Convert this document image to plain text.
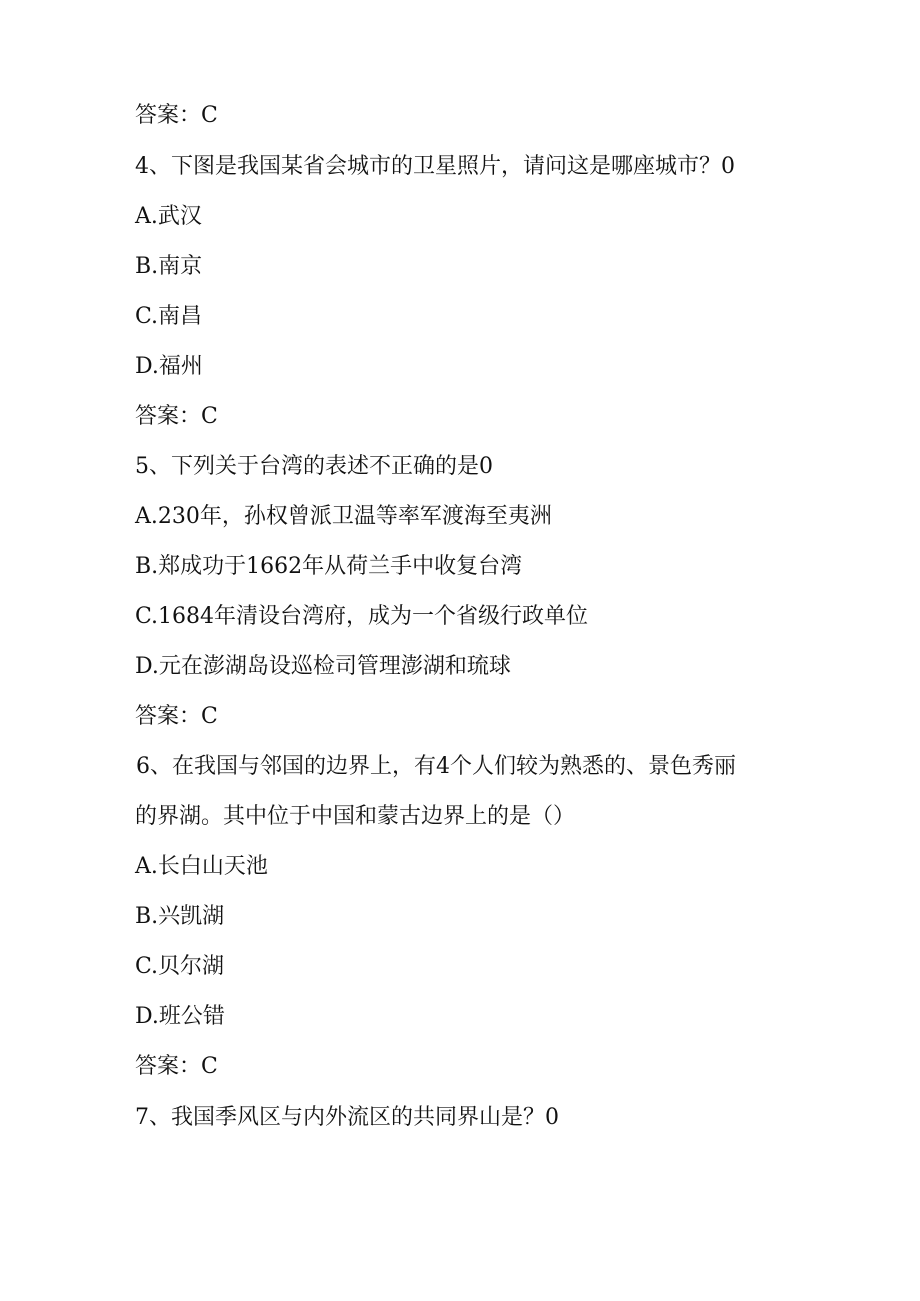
答案：C
4、下图是我国某省会城市的卫星照片，请问这是哪座城市？0
A.武汉
B.南京
C.南昌
D.福州
答案：C
5、下列关于台湾的表述不正确的是0
A.230年，孙权曾派卫温等率军渡海至夷洲
B.郑成功于1662年从荷兰手中收复台湾
C.1684年清设台湾府，成为一个省级行政单位
D.元在澎湖岛设巡检司管理澎湖和琉球
答案：C
6、在我国与邻国的边界上，有4个人们较为熟悉的、景色秀丽
的界湖。其中位于中国和蒙古边界上的是（）
A.长白山天池
B.兴凯湖
C.贝尔湖
D.班公错
答案：C
7、我国季风区与内外流区的共同界山是？0
